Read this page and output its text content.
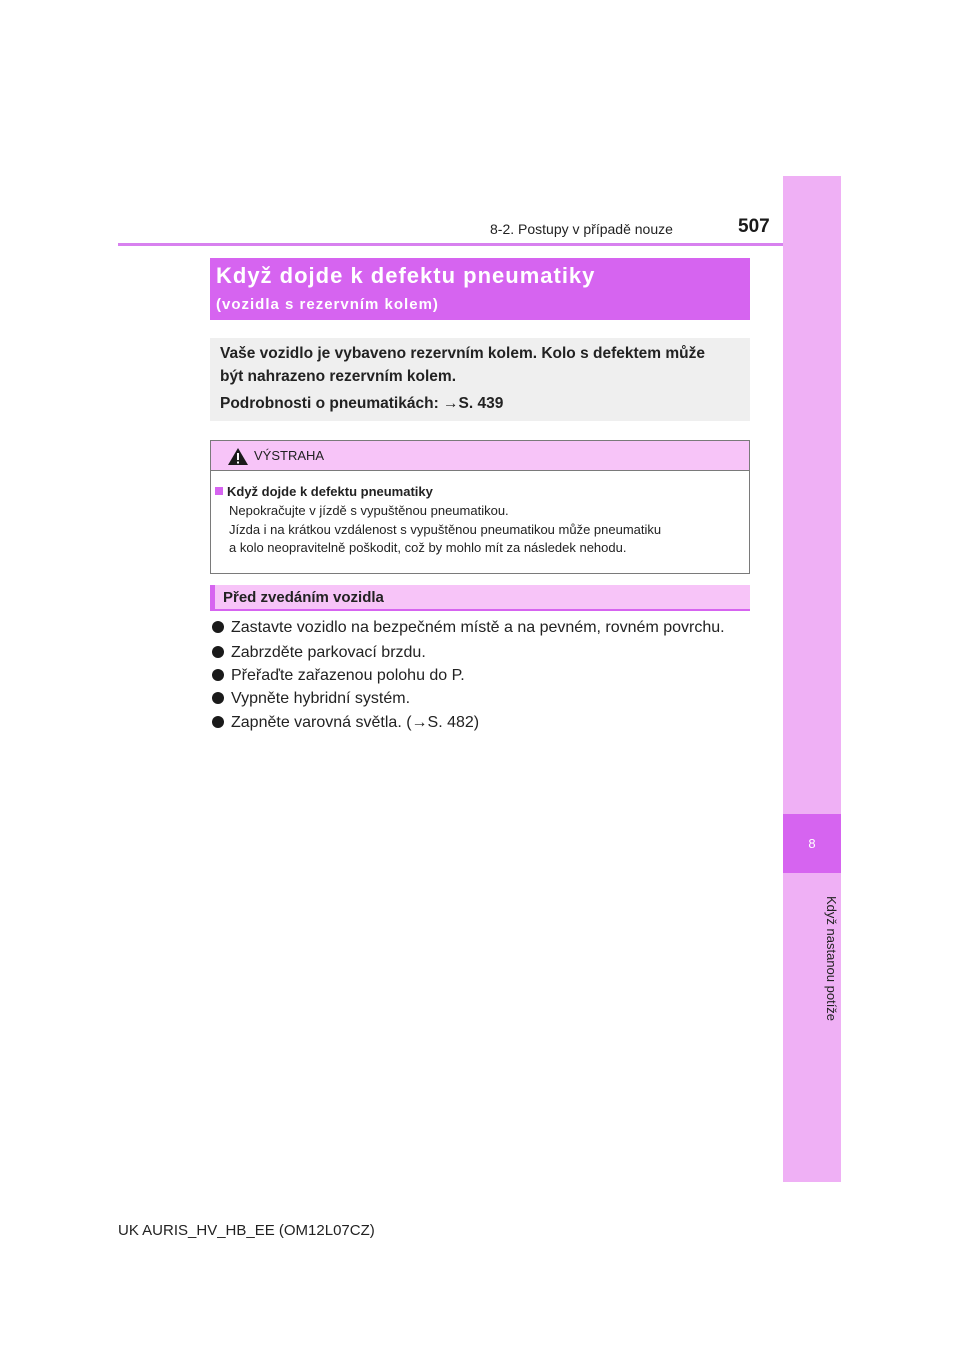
8
Když nastanou potíže
8-2. Postupy v případě nouze	507
Když dojde k defektu pneumatiky
(vozidla s rezervním kolem)
Vaše vozidlo je vybaveno rezervním kolem. Kolo s defektem může
být nahrazeno rezervním kolem.
Podrobnosti o pneumatikách: →S. 439
VÝSTRAHA
Když dojde k defektu pneumatiky
Nepokračujte v jízdě s vypuštěnou pneumatikou.
Jízda i na krátkou vzdálenost s vypuštěnou pneumatikou může pneumatiku
a kolo neopravitelně poškodit, což by mohlo mít za následek nehodu.
Před zvedáním vozidla
Zastavte vozidlo na bezpečném místě a na pevném, rovném povrchu.
Zabrzděte parkovací brzdu.
Přeřaďte zařazenou polohu do P.
Vypněte hybridní systém.
Zapněte varovná světla. (→S. 482)
UK AURIS_HV_HB_EE (OM12L07CZ)
